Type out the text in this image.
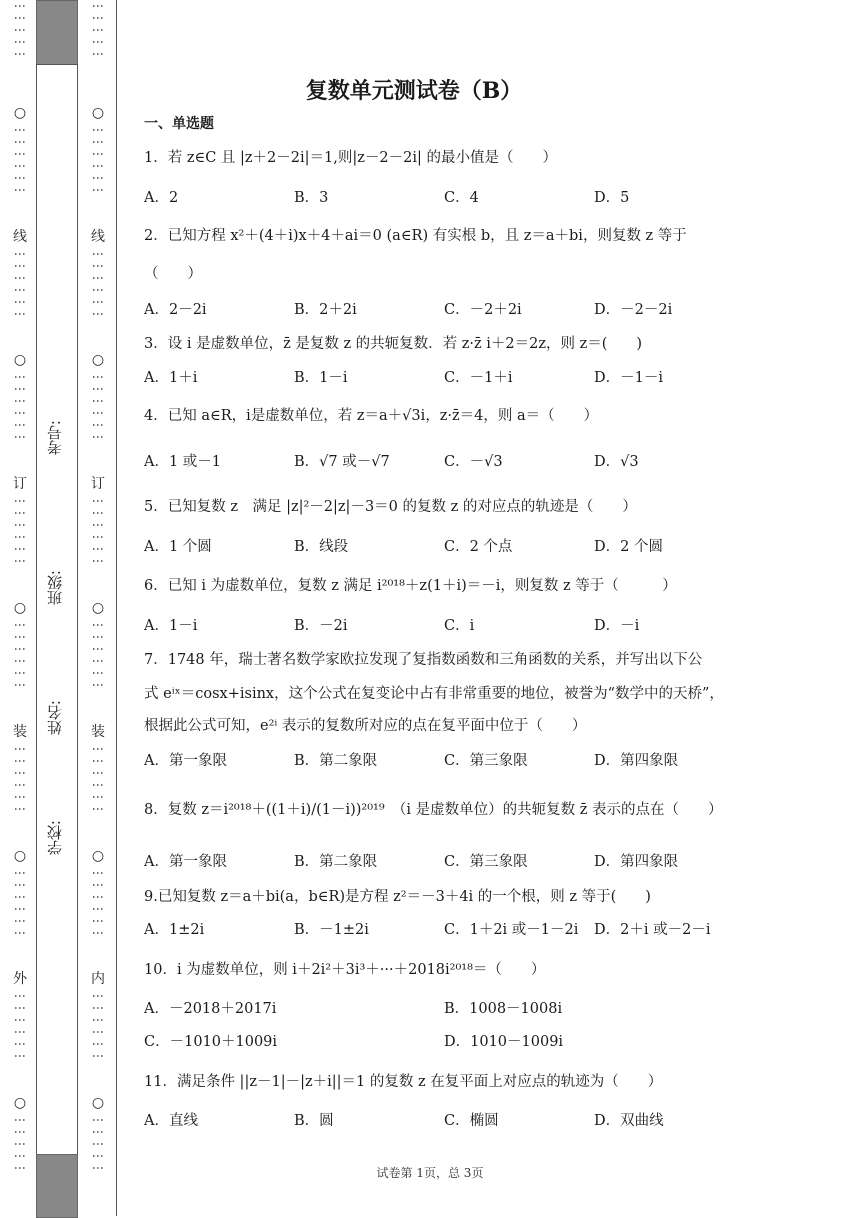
⋮⋮⋮⋮⋮
○
⋮⋮⋮⋮⋮⋮
线
⋮⋮⋮⋮⋮⋮
○
⋮⋮⋮⋮⋮⋮
订
⋮⋮⋮⋮⋮⋮
○
⋮⋮⋮⋮⋮⋮
装
⋮⋮⋮⋮⋮⋮
○
⋮⋮⋮⋮⋮⋮
外
⋮⋮⋮⋮⋮⋮
○
⋮⋮⋮⋮⋮
考号:
班级:
姓名:
学校:
⋮⋮⋮⋮⋮
○
⋮⋮⋮⋮⋮⋮
线
⋮⋮⋮⋮⋮⋮
○
⋮⋮⋮⋮⋮⋮
订
⋮⋮⋮⋮⋮⋮
○
⋮⋮⋮⋮⋮⋮
装
⋮⋮⋮⋮⋮⋮
○
⋮⋮⋮⋮⋮⋮
内
⋮⋮⋮⋮⋮⋮
○
⋮⋮⋮⋮⋮
复数单元测试卷（B）
一、单选题
1．若 z∈C 且 |z＋2－2i|＝1,则|z－2－2i| 的最小值是（　　）
A．2	B．3	C．4	D．5
2．已知方程 x²＋(4＋i)x＋4＋ai＝0 (a∈R) 有实根 b，且 z＝a＋bi，则复数 z 等于
（　　）
A．2－2i	B．2＋2i	C．－2＋2i	D．－2－2i
3．设 i 是虚数单位，z̄ 是复数 z 的共轭复数．若 z·z̄ i＋2＝2z，则 z＝(　　)
A．1＋i	B．1－i	C．－1＋i	D．－1－i
4．已知 a∈R，i是虚数单位，若 z＝a＋√3i，z·z̄＝4，则 a＝（　　）
A．1 或－1	B．√7 或－√7	C．－√3	D．√3
5．已知复数 z　满足 |z|²－2|z|－3＝0 的复数 z 的对应点的轨迹是（　　）
A．1 个圆	B．线段	C．2 个点	D．2 个圆
6．已知 i 为虚数单位，复数 z 满足 i²⁰¹⁸＋z(1＋i)＝－i，则复数 z 等于（　　　）
A．1－i	B．－2i	C．i	D．－i
7．1748 年，瑞士著名数学家欧拉发现了复指数函数和三角函数的关系，并写出以下公
式 eⁱˣ＝cosx+isinx，这个公式在复变论中占有非常重要的地位，被誉为“数学中的天桥”，
根据此公式可知，e²ⁱ 表示的复数所对应的点在复平面中位于（　　）
A．第一象限	B．第二象限	C．第三象限	D．第四象限
8．复数 z＝i²⁰¹⁸＋((1＋i)/(1－i))²⁰¹⁹　（i 是虚数单位）的共轭复数 z̄ 表示的点在（　　）
A．第一象限	B．第二象限	C．第三象限	D．第四象限
9.已知复数 z＝a＋bi(a，b∈R)是方程 z²＝－3＋4i 的一个根，则 z 等于(　　)
A．1±2i	B．－1±2i	C．1＋2i 或－1－2i D．2＋i 或－2－i
10．i 为虚数单位，则 i＋2i²＋3i³＋···＋2018i²⁰¹⁸＝（　　）
A．－2018＋2017i	B．1008－1008i
C．－1010＋1009i	D．1010－1009i
11．满足条件 ||z－1|－|z＋i||＝1 的复数 z 在复平面上对应点的轨迹为（　　）
A．直线	B．圆	C．椭圆	D．双曲线
试卷第 1页，总 3页
